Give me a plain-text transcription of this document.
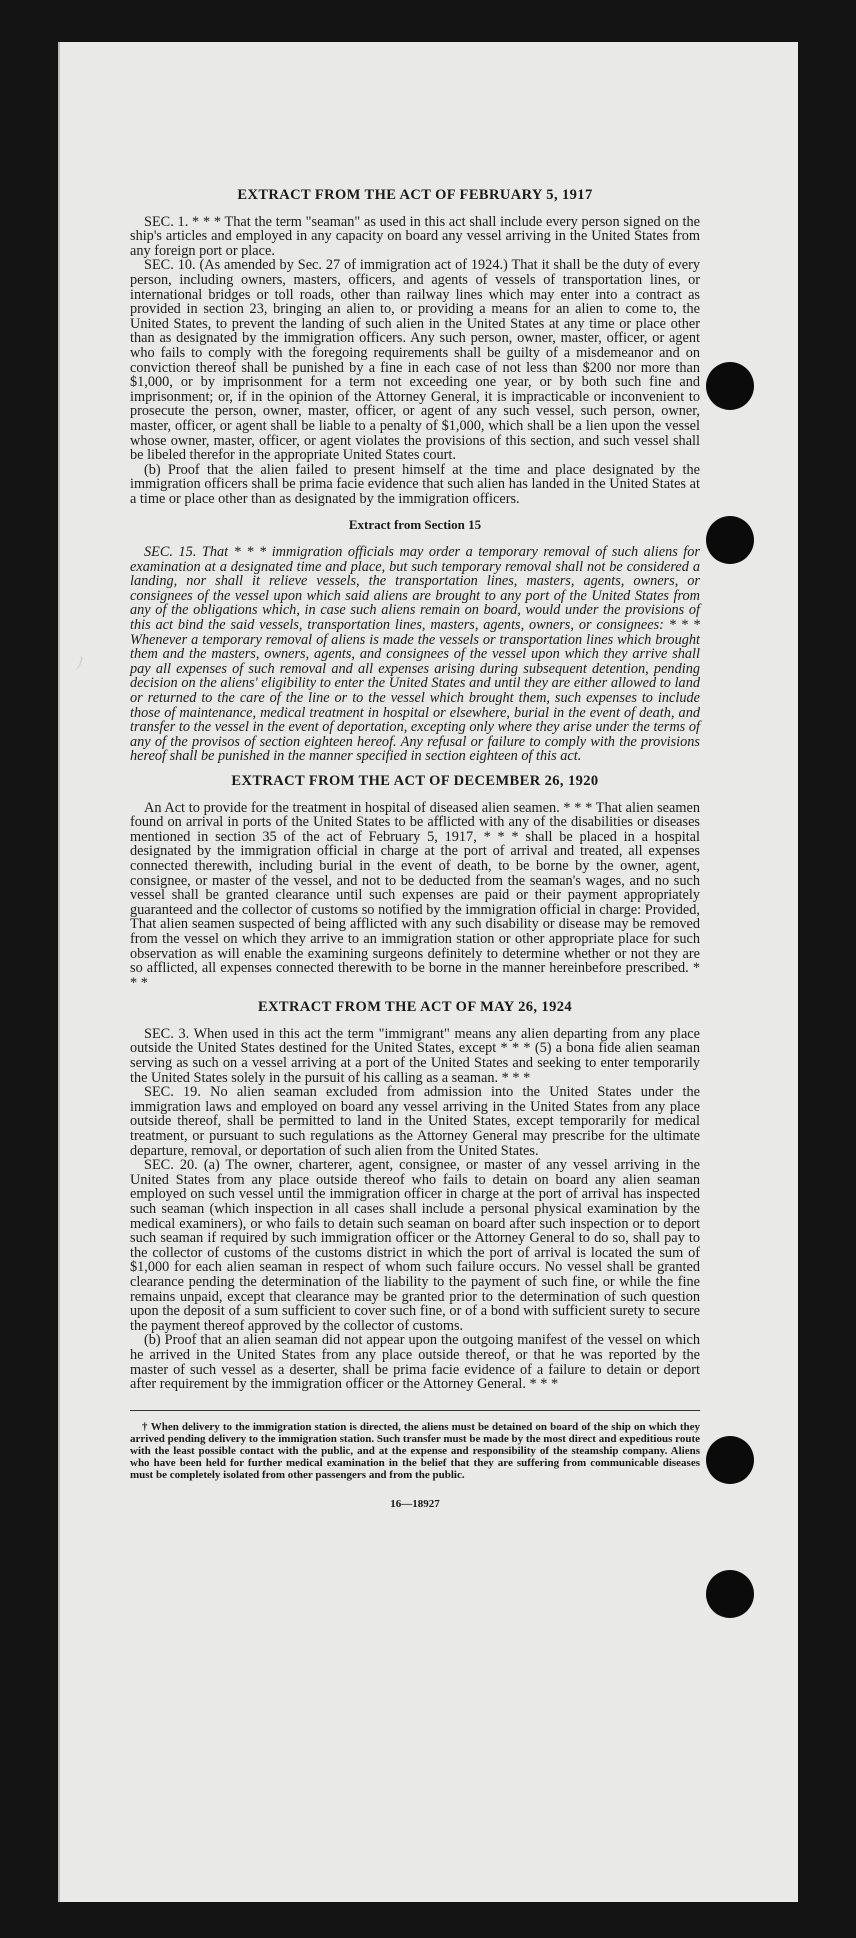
ﾉ
EXTRACT FROM THE ACT OF FEBRUARY 5, 1917

SEC. 1. * * * That the term "seaman" as used in this act shall include every person signed on the ship's articles and employed in any capacity on board any vessel arriving in the United States from any foreign port or place.

SEC. 10. (As amended by Sec. 27 of immigration act of 1924.) That it shall be the duty of every person, including owners, masters, officers, and agents of vessels of transportation lines, or international bridges or toll roads, other than railway lines which may enter into a contract as provided in section 23, bringing an alien to, or providing a means for an alien to come to, the United States, to prevent the landing of such alien in the United States at any time or place other than as designated by the immigration officers. Any such person, owner, master, officer, or agent who fails to comply with the foregoing requirements shall be guilty of a misdemeanor and on conviction thereof shall be punished by a fine in each case of not less than $200 nor more than $1,000, or by imprisonment for a term not exceeding one year, or by both such fine and imprisonment; or, if in the opinion of the Attorney General, it is impracticable or inconvenient to prosecute the person, owner, master, officer, or agent of any such vessel, such person, owner, master, officer, or agent shall be liable to a penalty of $1,000, which shall be a lien upon the vessel whose owner, master, officer, or agent violates the provisions of this section, and such vessel shall be libeled therefor in the appropriate United States court.

(b) Proof that the alien failed to present himself at the time and place designated by the immigration officers shall be prima facie evidence that such alien has landed in the United States at a time or place other than as designated by the immigration officers.

Extract from Section 15

SEC. 15. That * * * immigration officials may order a temporary removal of such aliens for examination at a designated time and place, but such temporary removal shall not be considered a landing, nor shall it relieve vessels, the transportation lines, masters, agents, owners, or consignees of the vessel upon which said aliens are brought to any port of the United States from any of the obligations which, in case such aliens remain on board, would under the provisions of this act bind the said vessels, transportation lines, masters, agents, owners, or consignees: * * * Whenever a temporary removal of aliens is made the vessels or transportation lines which brought them and the masters, owners, agents, and consignees of the vessel upon which they arrive shall pay all expenses of such removal and all expenses arising during subsequent detention, pending decision on the aliens' eligibility to enter the United States and until they are either allowed to land or returned to the care of the line or to the vessel which brought them, such expenses to include those of maintenance, medical treatment in hospital or elsewhere, burial in the event of death, and transfer to the vessel in the event of deportation, excepting only where they arise under the terms of any of the provisos of section eighteen hereof. Any refusal or failure to comply with the provisions hereof shall be punished in the manner specified in section eighteen of this act.

EXTRACT FROM THE ACT OF DECEMBER 26, 1920

An Act to provide for the treatment in hospital of diseased alien seamen. * * * That alien seamen found on arrival in ports of the United States to be afflicted with any of the disabilities or diseases mentioned in section 35 of the act of February 5, 1917, * * * shall be placed in a hospital designated by the immigration official in charge at the port of arrival and treated, all expenses connected therewith, including burial in the event of death, to be borne by the owner, agent, consignee, or master of the vessel, and not to be deducted from the seaman's wages, and no such vessel shall be granted clearance until such expenses are paid or their payment appropriately guaranteed and the collector of customs so notified by the immigration official in charge: Provided, That alien seamen suspected of being afflicted with any such disability or disease may be removed from the vessel on which they arrive to an immigration station or other appropriate place for such observation as will enable the examining surgeons definitely to determine whether or not they are so afflicted, all expenses connected therewith to be borne in the manner hereinbefore prescribed. * * *

EXTRACT FROM THE ACT OF MAY 26, 1924

SEC. 3. When used in this act the term "immigrant" means any alien departing from any place outside the United States destined for the United States, except * * * (5) a bona fide alien seaman serving as such on a vessel arriving at a port of the United States and seeking to enter temporarily the United States solely in the pursuit of his calling as a seaman. * * *

SEC. 19. No alien seaman excluded from admission into the United States under the immigration laws and employed on board any vessel arriving in the United States from any place outside thereof, shall be permitted to land in the United States, except temporarily for medical treatment, or pursuant to such regulations as the Attorney General may prescribe for the ultimate departure, removal, or deportation of such alien from the United States.

SEC. 20. (a) The owner, charterer, agent, consignee, or master of any vessel arriving in the United States from any place outside thereof who fails to detain on board any alien seaman employed on such vessel until the immigration officer in charge at the port of arrival has inspected such seaman (which inspection in all cases shall include a personal physical examination by the medical examiners), or who fails to detain such seaman on board after such inspection or to deport such seaman if required by such immigration officer or the Attorney General to do so, shall pay to the collector of customs of the customs district in which the port of arrival is located the sum of $1,000 for each alien seaman in respect of whom such failure occurs. No vessel shall be granted clearance pending the determination of the liability to the payment of such fine, or while the fine remains unpaid, except that clearance may be granted prior to the determination of such question upon the deposit of a sum sufficient to cover such fine, or of a bond with sufficient surety to secure the payment thereof approved by the collector of customs.

(b) Proof that an alien seaman did not appear upon the outgoing manifest of the vessel on which he arrived in the United States from any place outside thereof, or that he was reported by the master of such vessel as a deserter, shall be prima facie evidence of a failure to detain or deport after requirement by the immigration officer or the Attorney General. * * *

† When delivery to the immigration station is directed, the aliens must be detained on board of the ship on which they arrived pending delivery to the immigration station. Such transfer must be made by the most direct and expeditious route with the least possible contact with the public, and at the expense and responsibility of the steamship company. Aliens who have been held for further medical examination in the belief that they are suffering from communicable diseases must be completely isolated from other passengers and from the public.

16—18927
